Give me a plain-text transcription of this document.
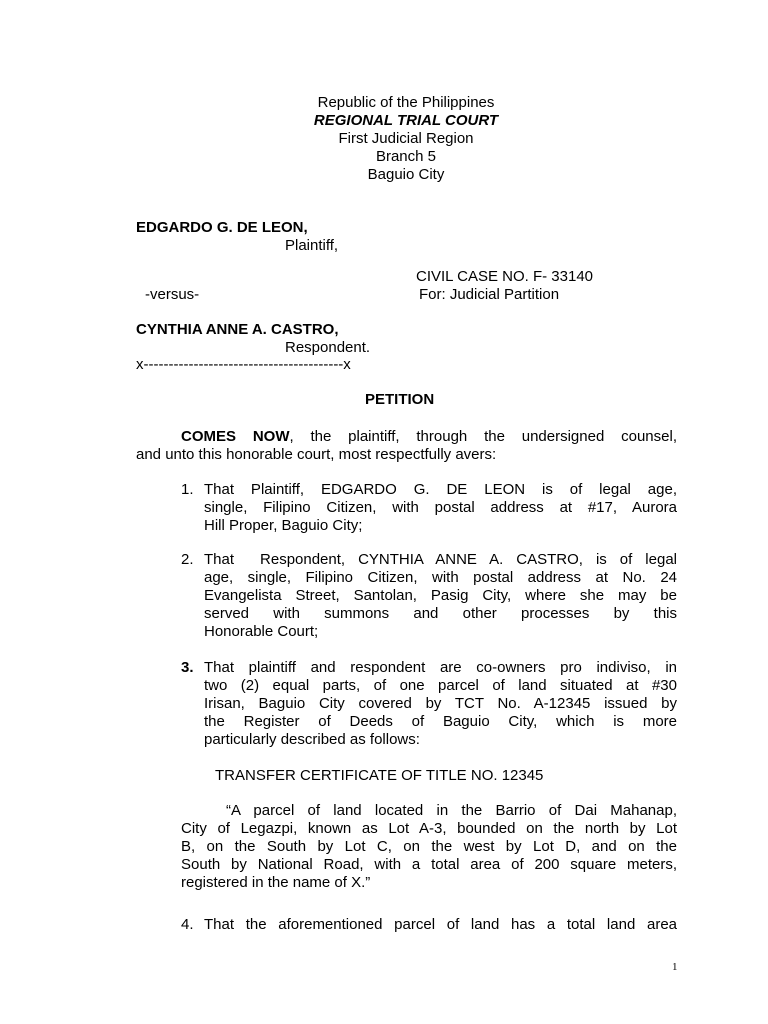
Republic of the Philippines
REGIONAL TRIAL COURT
First Judicial Region
Branch 5
Baguio City
EDGARDO G. DE LEON,
Plaintiff,
CIVIL CASE NO. F- 33140
-versus-	For: Judicial Partition
CYNTHIA ANNE A. CASTRO,
Respondent.
x----------------------------------------x
PETITION
COMES NOW, the plaintiff, through the undersigned counsel,
and unto this honorable court, most respectfully avers:
1. That Plaintiff, EDGARDO G. DE LEON is of legal age,
single, Filipino Citizen, with postal address at #17, Aurora
Hill Proper, Baguio City;
2. That  Respondent, CYNTHIA ANNE A. CASTRO, is of legal
age, single, Filipino Citizen, with postal address at No. 24
Evangelista Street, Santolan, Pasig City, where she may be
served with summons and other processes by this
Honorable Court;
3. That plaintiff and respondent are co-owners pro indiviso, in
two (2) equal parts, of one parcel of land situated at #30
Irisan, Baguio City covered by TCT No. A-12345 issued by
the Register of Deeds of Baguio City, which is more
particularly described as follows:
TRANSFER CERTIFICATE OF TITLE NO. 12345
“A parcel of land located in the Barrio of Dai Mahanap,
City of Legazpi, known as Lot A-3, bounded on the north by Lot
B, on the South by Lot C, on the west by Lot D, and on the
South by National Road, with a total area of 200 square meters,
registered in the name of X.”
4. That the aforementioned parcel of land has a total land area
1
